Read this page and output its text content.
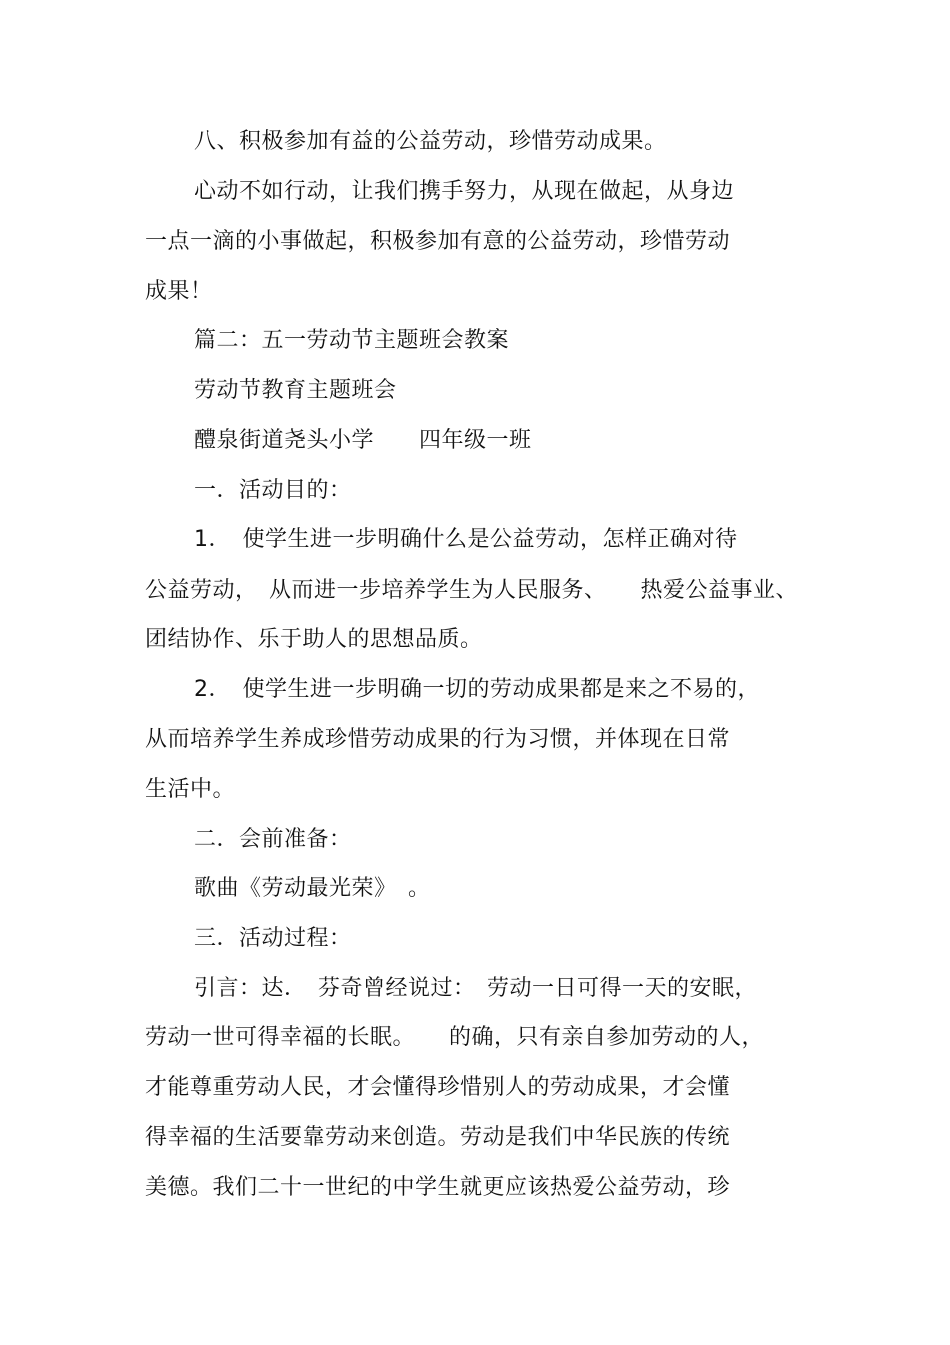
八、积极参加有益的公益劳动，珍惜劳动成果。
心动不如行动，让我们携手努力，从现在做起，从身边
一点一滴的小事做起，积极参加有意的公益劳动，珍惜劳动
成果！
篇二：五一劳动节主题班会教案
劳动节教育主题班会
醴泉街道尧头小学　　四年级一班
一．活动目的：
1．　使学生进一步明确什么是公益劳动，怎样正确对待
公益劳动，　从而进一步培养学生为人民服务、　　热爱公益事业、
团结协作、乐于助人的思想品质。
2．　使学生进一步明确一切的劳动成果都是来之不易的，
从而培养学生养成珍惜劳动成果的行为习惯，并体现在日常
生活中。
二．会前准备：
歌曲《劳动最光荣》　。
三．活动过程：
引言：达．　芬奇曾经说过：　劳动一日可得一天的安眠，
劳动一世可得幸福的长眠。　　的确，只有亲自参加劳动的人，
才能尊重劳动人民，才会懂得珍惜别人的劳动成果，才会懂
得幸福的生活要靠劳动来创造。劳动是我们中华民族的传统
美德。我们二十一世纪的中学生就更应该热爱公益劳动，珍
